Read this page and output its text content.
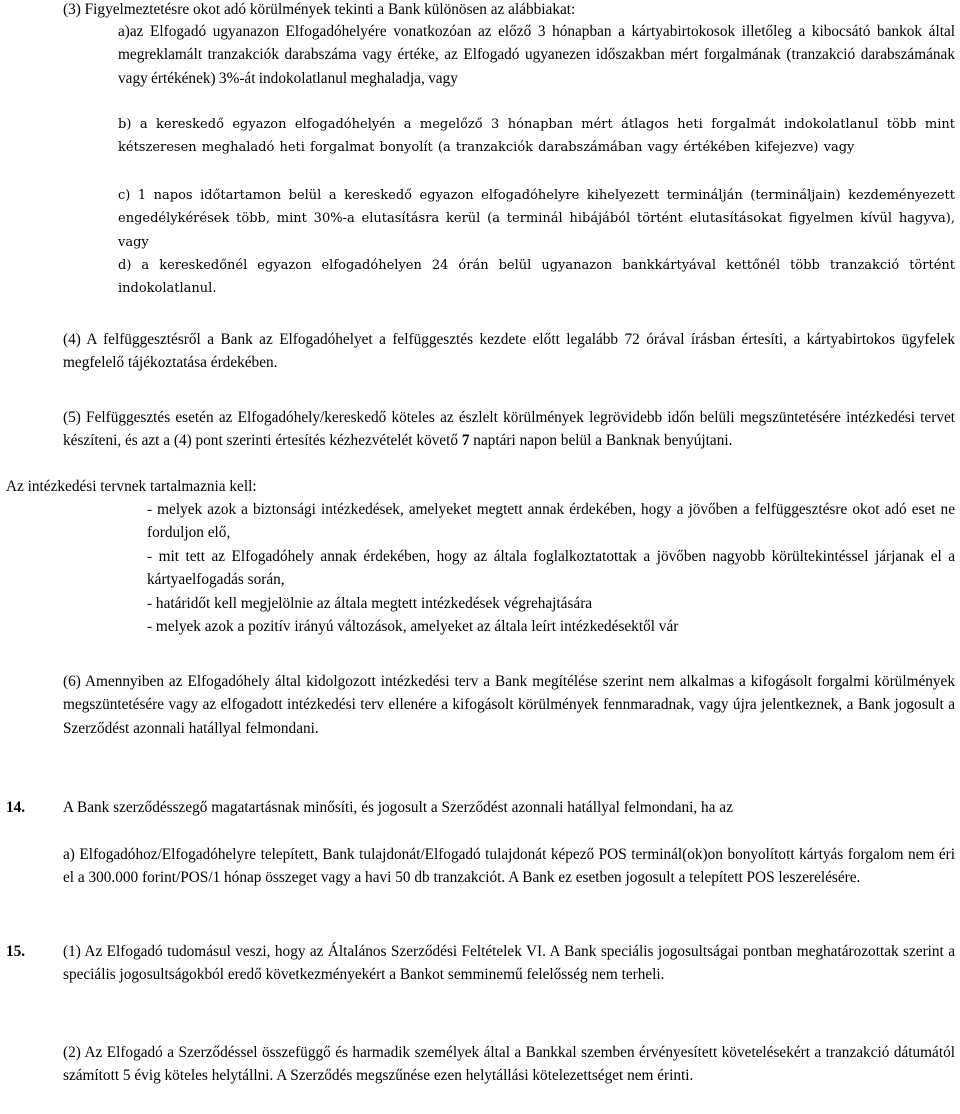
(3) Figyelmeztetésre okot adó körülmények tekinti a Bank különösen az alábbiakat:

a)az Elfogadó ugyanazon Elfogadóhelyére vonatkozóan az előző 3 hónapban a kártyabirtokosok illetőleg a kibocsátó bankok által megreklamált tranzakciók darabszáma vagy értéke, az Elfogadó ugyanezen időszakban mért forgalmának (tranzakció darabszámának vagy értékének) 3%-át indokolatlanul meghaladja, vagy

b) a kereskedő egyazon elfogadóhelyén a megelőző 3 hónapban mért átlagos heti forgalmát indokolatlanul több mint kétszeresen meghaladó heti forgalmat bonyolít (a tranzakciók darabszámában vagy értékében kifejezve) vagy

c) 1 napos időtartamon belül a kereskedő egyazon elfogadóhelyre kihelyezett terminálján (termináljain) kezdeményezett engedélykérések több, mint 30%-a elutasításra kerül (a terminál hibájából történt elutasításokat figyelmen kívül hagyva), vagy

d) a kereskedőnél egyazon elfogadóhelyen 24 órán belül ugyanazon bankkártyával kettőnél több tranzakció történt indokolatlanul.

(4) A felfüggesztésről a Bank az Elfogadóhelyet a felfüggesztés kezdete előtt legalább 72 órával írásban értesíti, a kártyabirtokos ügyfelek megfelelő tájékoztatása érdekében.

(5) Felfüggesztés esetén az Elfogadóhely/kereskedő köteles az észlelt körülmények legrövidebb időn belüli megszüntetésére intézkedési tervet készíteni, és azt a (4) pont szerinti értesítés kézhezvételét követő 7 naptári napon belül a Banknak benyújtani.

Az intézkedési tervnek tartalmaznia kell:

- melyek azok a biztonsági intézkedések, amelyeket megtett annak érdekében, hogy a jövőben a felfüggesztésre okot adó eset ne forduljon elő,

- mit tett az Elfogadóhely annak érdekében, hogy az általa foglalkoztatottak a jövőben nagyobb körültekintéssel járjanak el a kártyaelfogadás során,

- határidőt kell megjelölnie az általa megtett intézkedések végrehajtására

- melyek azok a pozitív irányú változások, amelyeket az általa leírt intézkedésektől vár

(6) Amennyiben az Elfogadóhely által kidolgozott intézkedési terv a Bank megítélése szerint nem alkalmas a kifogásolt forgalmi körülmények megszüntetésére vagy az elfogadott intézkedési terv ellenére a kifogásolt körülmények fennmaradnak, vagy újra jelentkeznek, a Bank jogosult a Szerződést azonnali hatállyal felmondani.

14. A Bank szerződésszegő magatartásnak minősíti, és jogosult a Szerződést azonnali hatállyal felmondani, ha az

a) Elfogadóhoz/Elfogadóhelyre telepített, Bank tulajdonát/Elfogadó tulajdonát képező POS terminál(ok)on bonyolított kártyás forgalom nem éri el a 300.000 forint/POS/1 hónap összeget vagy a havi 50 db tranzakciót. A Bank ez esetben jogosult a telepített POS leszerelésére.

15. (1) Az Elfogadó tudomásul veszi, hogy az Általános Szerződési Feltételek VI. A Bank speciális jogosultságai pontban meghatározottak szerint a speciális jogosultságokból eredő következményekért a Bankot semminemű felelősség nem terheli.

(2) Az Elfogadó a Szerződéssel összefüggő és harmadik személyek által a Bankkal szemben érvényesített követelésekért a tranzakció dátumától számított 5 évig köteles helytállni. A Szerződés megszűnése ezen helytállási kötelezettséget nem érinti.
